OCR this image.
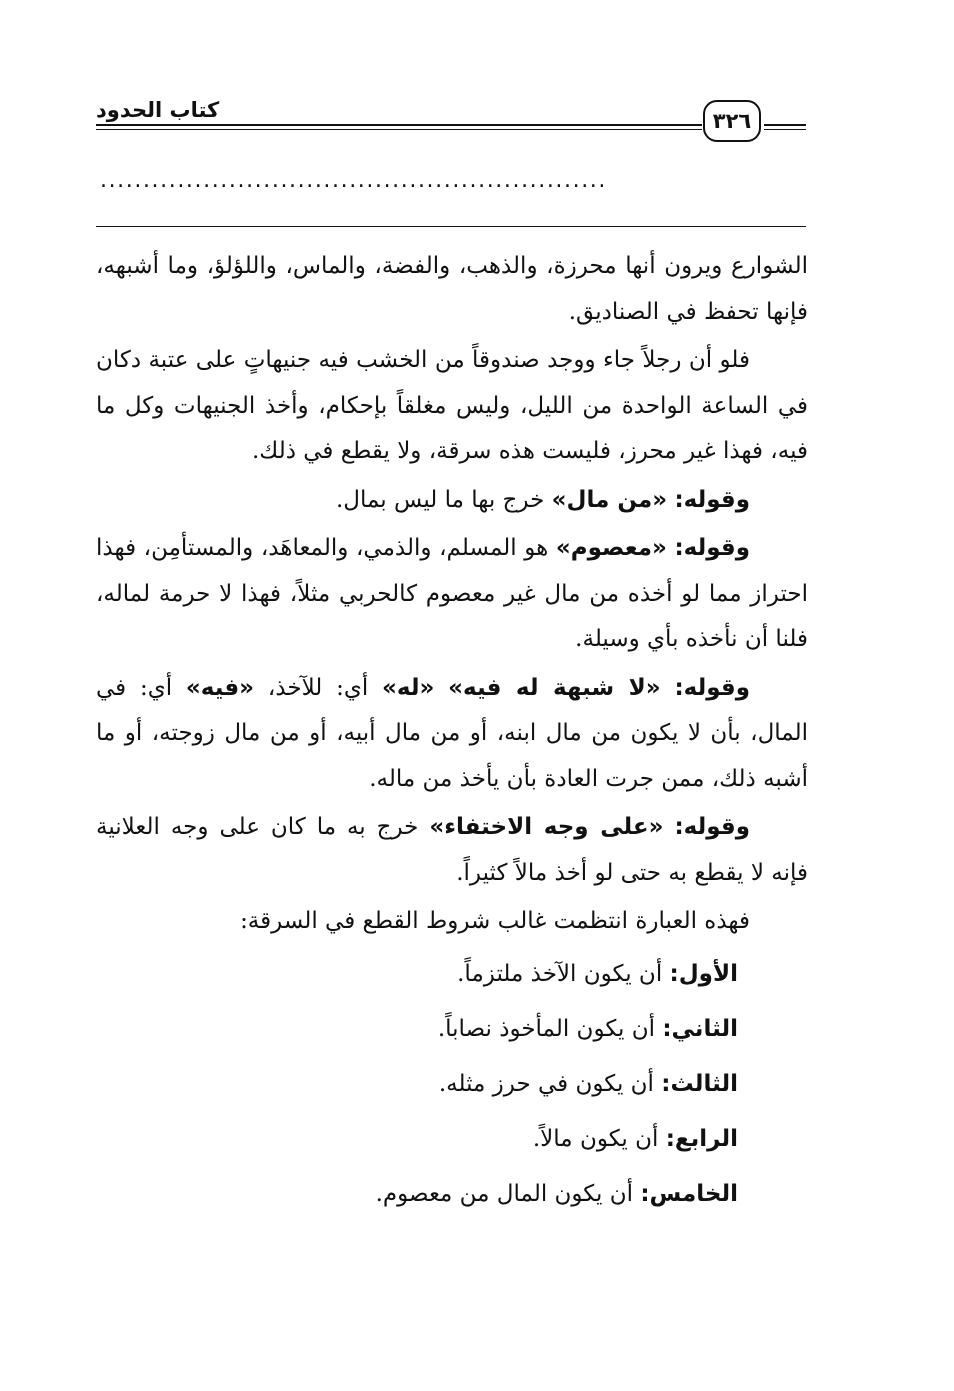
كتاب الحدود	٣٢٦
...........................................................

الشوارع ويرون أنها محرزة، والذهب، والفضة، والماس، واللؤلؤ، وما أشبهه، فإنها تحفظ في الصناديق.

فلو أن رجلاً جاء ووجد صندوقاً من الخشب فيه جنيهاتٍ على عتبة دكان في الساعة الواحدة من الليل، وليس مغلقاً بإحكام، وأخذ الجنيهات وكل ما فيه، فهذا غير محرز، فليست هذه سرقة، ولا يقطع في ذلك.

وقوله: «من مال» خرج بها ما ليس بمال.

وقوله: «معصوم» هو المسلم، والذمي، والمعاهَد، والمستأمِن، فهذا احتراز مما لو أخذه من مال غير معصوم كالحربي مثلاً، فهذا لا حرمة لماله، فلنا أن نأخذه بأي وسيلة.

وقوله: «لا شبهة له فيه» «له» أي: للآخذ، «فيه» أي: في المال، بأن لا يكون من مال ابنه، أو من مال أبيه، أو من مال زوجته، أو ما أشبه ذلك، ممن جرت العادة بأن يأخذ من ماله.

وقوله: «على وجه الاختفاء» خرج به ما كان على وجه العلانية فإنه لا يقطع به حتى لو أخذ مالاً كثيراً.

فهذه العبارة انتظمت غالب شروط القطع في السرقة:

الأول: أن يكون الآخذ ملتزماً.

الثاني: أن يكون المأخوذ نصاباً.

الثالث: أن يكون في حرز مثله.

الرابع: أن يكون مالاً.

الخامس: أن يكون المال من معصوم.
